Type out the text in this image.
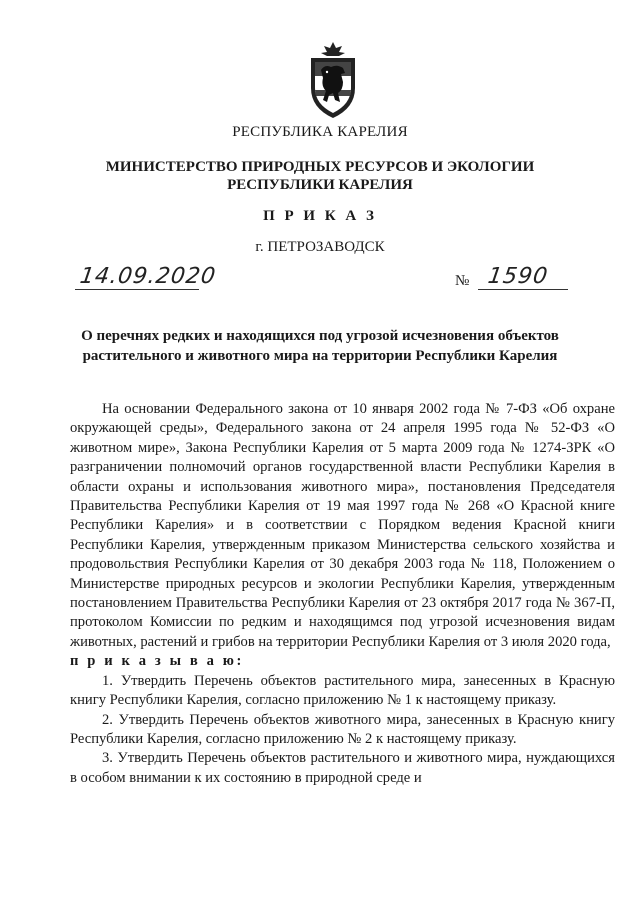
РЕСПУБЛИКА КАРЕЛИЯ
МИНИСТЕРСТВО ПРИРОДНЫХ РЕСУРСОВ И ЭКОЛОГИИ
РЕСПУБЛИКИ КАРЕЛИЯ
П Р И К А З
г. ПЕТРОЗАВОДСК
14.09.2020	№ 1590
О перечнях редких и находящихся под угрозой исчезновения объектов
растительного и животного мира на территории Республики Карелия

На основании Федерального закона от 10 января 2002 года № 7-ФЗ «Об охране окружающей среды», Федерального закона от 24 апреля 1995 года № 52-ФЗ «О животном мире», Закона Республики Карелия от 5 марта 2009 года № 1274-ЗРК «О разграничении полномочий органов государственной власти Республики Карелия в области охраны и использования животного мира», постановления Председателя Правительства Республики Карелия от 19 мая 1997 года № 268 «О Красной книге Республики Карелия» и в соответствии с Порядком ведения Красной книги Республики Карелия, утвержденным приказом Министерства сельского хозяйства и продовольствия Республики Карелия от 30 декабря 2003 года № 118, Положением о Министерстве природных ресурсов и экологии Республики Карелия, утвержденным постановлением Правительства Республики Карелия от 23 октября 2017 года № 367-П, протоколом Комиссии по редким и находящимся под угрозой исчезновения видам животных, растений и грибов на территории Республики Карелия от 3 июля 2020 года,

п р и к а з ы в а ю:

1. Утвердить Перечень объектов растительного мира, занесенных в Красную книгу Республики Карелия, согласно приложению № 1 к настоящему приказу.

2. Утвердить Перечень объектов животного мира, занесенных в Красную книгу Республики Карелия, согласно приложению № 2 к настоящему приказу.

3. Утвердить Перечень объектов растительного и животного мира, нуждающихся в особом внимании к их состоянию в природной среде и
